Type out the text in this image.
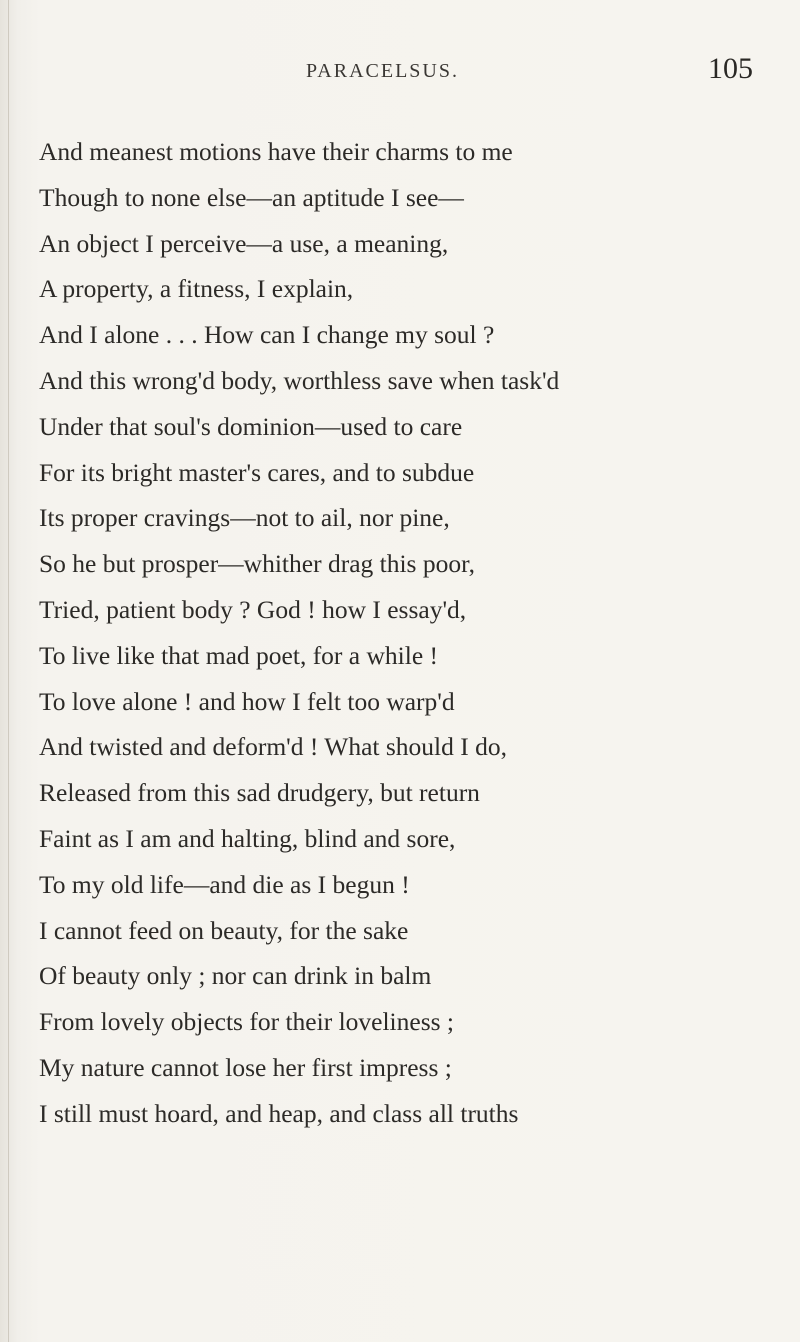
PARACELSUS.	105
And meanest motions have their charms to me
Though to none else—an aptitude I see—
An object I perceive—a use, a meaning,
A property, a fitness, I explain,
And I alone . . . How can I change my soul ?
And this wrong'd body, worthless save when task'd
Under that soul's dominion—used to care
For its bright master's cares, and to subdue
Its proper cravings—not to ail, nor pine,
So he but prosper—whither drag this poor,
Tried, patient body ? God ! how I essay'd,
To live like that mad poet, for a while !
To love alone ! and how I felt too warp'd
And twisted and deform'd ! What should I do,
Released from this sad drudgery, but return
Faint as I am and halting, blind and sore,
To my old life—and die as I begun !
I cannot feed on beauty, for the sake
Of beauty only ; nor can drink in balm
From lovely objects for their loveliness ;
My nature cannot lose her first impress ;
I still must hoard, and heap, and class all truths
